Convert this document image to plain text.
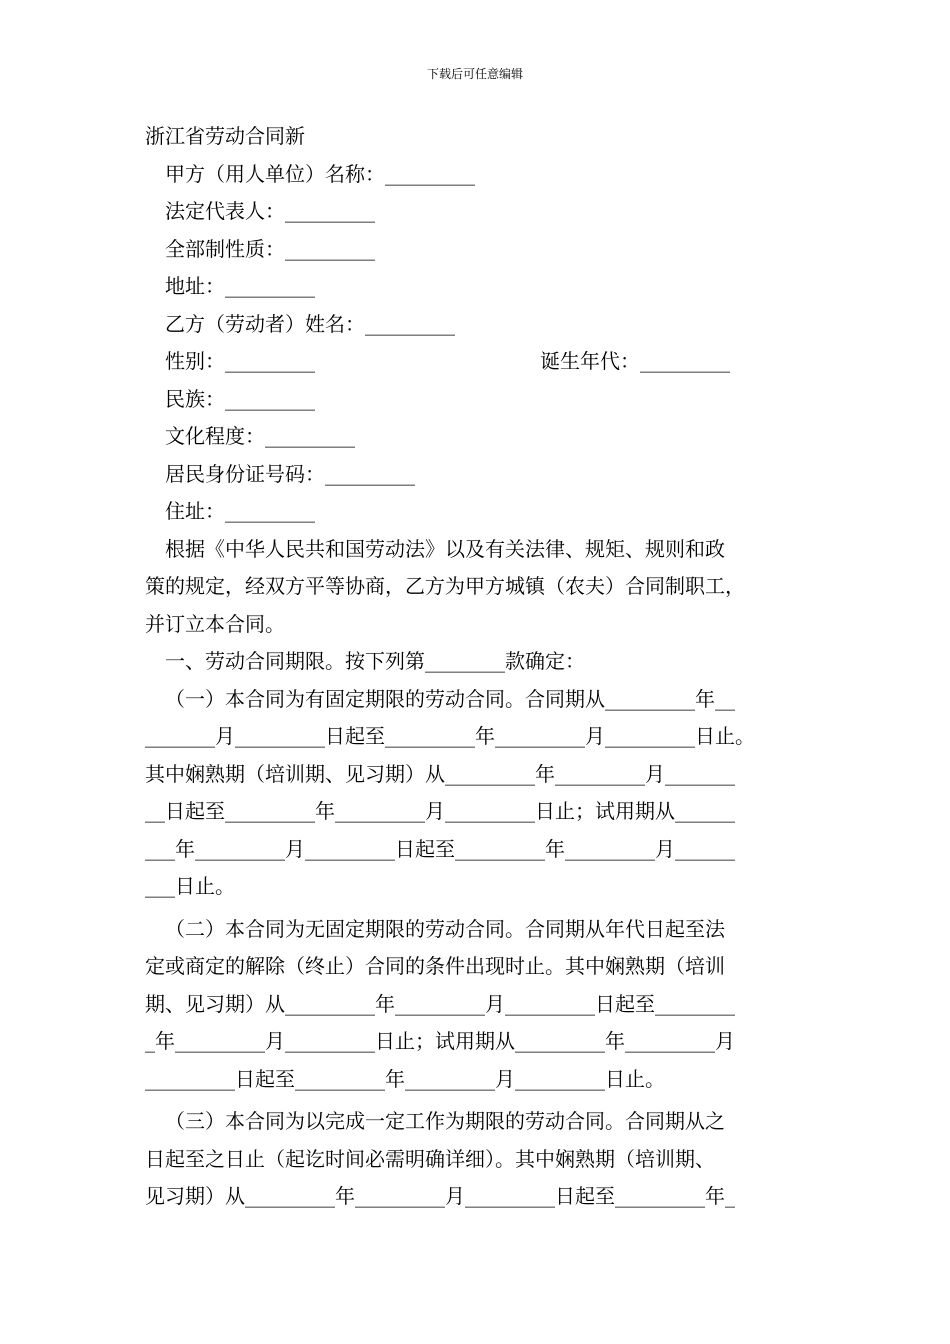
下载后可任意编辑
浙江省劳动合同新
甲方（用人单位）名称：_________
法定代表人：_________
全部制性质：_________
地址：_________
乙方（劳动者）姓名：_________
性别：_________	诞生年代：_________
民族：_________
文化程度：_________
居民身份证号码：_________
住址：_________
根据《中华人民共和国劳动法》以及有关法律、规矩、规则和政
策的规定，经双方平等协商，乙方为甲方城镇（农夫）合同制职工，
并订立本合同。
一、劳动合同期限。按下列第________款确定：
（一）本合同为有固定期限的劳动合同。合同期从_________年__
_______月_________日起至_________年_________月_________日止。
其中娴熟期（培训期、见习期）从_________年_________月_______
__日起至_________年_________月_________日止；试用期从______
___年_________月_________日起至_________年_________月______
___日止。
（二）本合同为无固定期限的劳动合同。合同期从年代日起至法
定或商定的解除（终止）合同的条件出现时止。其中娴熟期（培训
期、见习期）从_________年_________月_________日起至________
_年_________月_________日止；试用期从_________年_________月
_________日起至_________年_________月_________日止。
（三）本合同为以完成一定工作为期限的劳动合同。合同期从之
日起至之日止（起讫时间必需明确详细）。其中娴熟期（培训期、
见习期）从_________年_________月_________日起至_________年_
